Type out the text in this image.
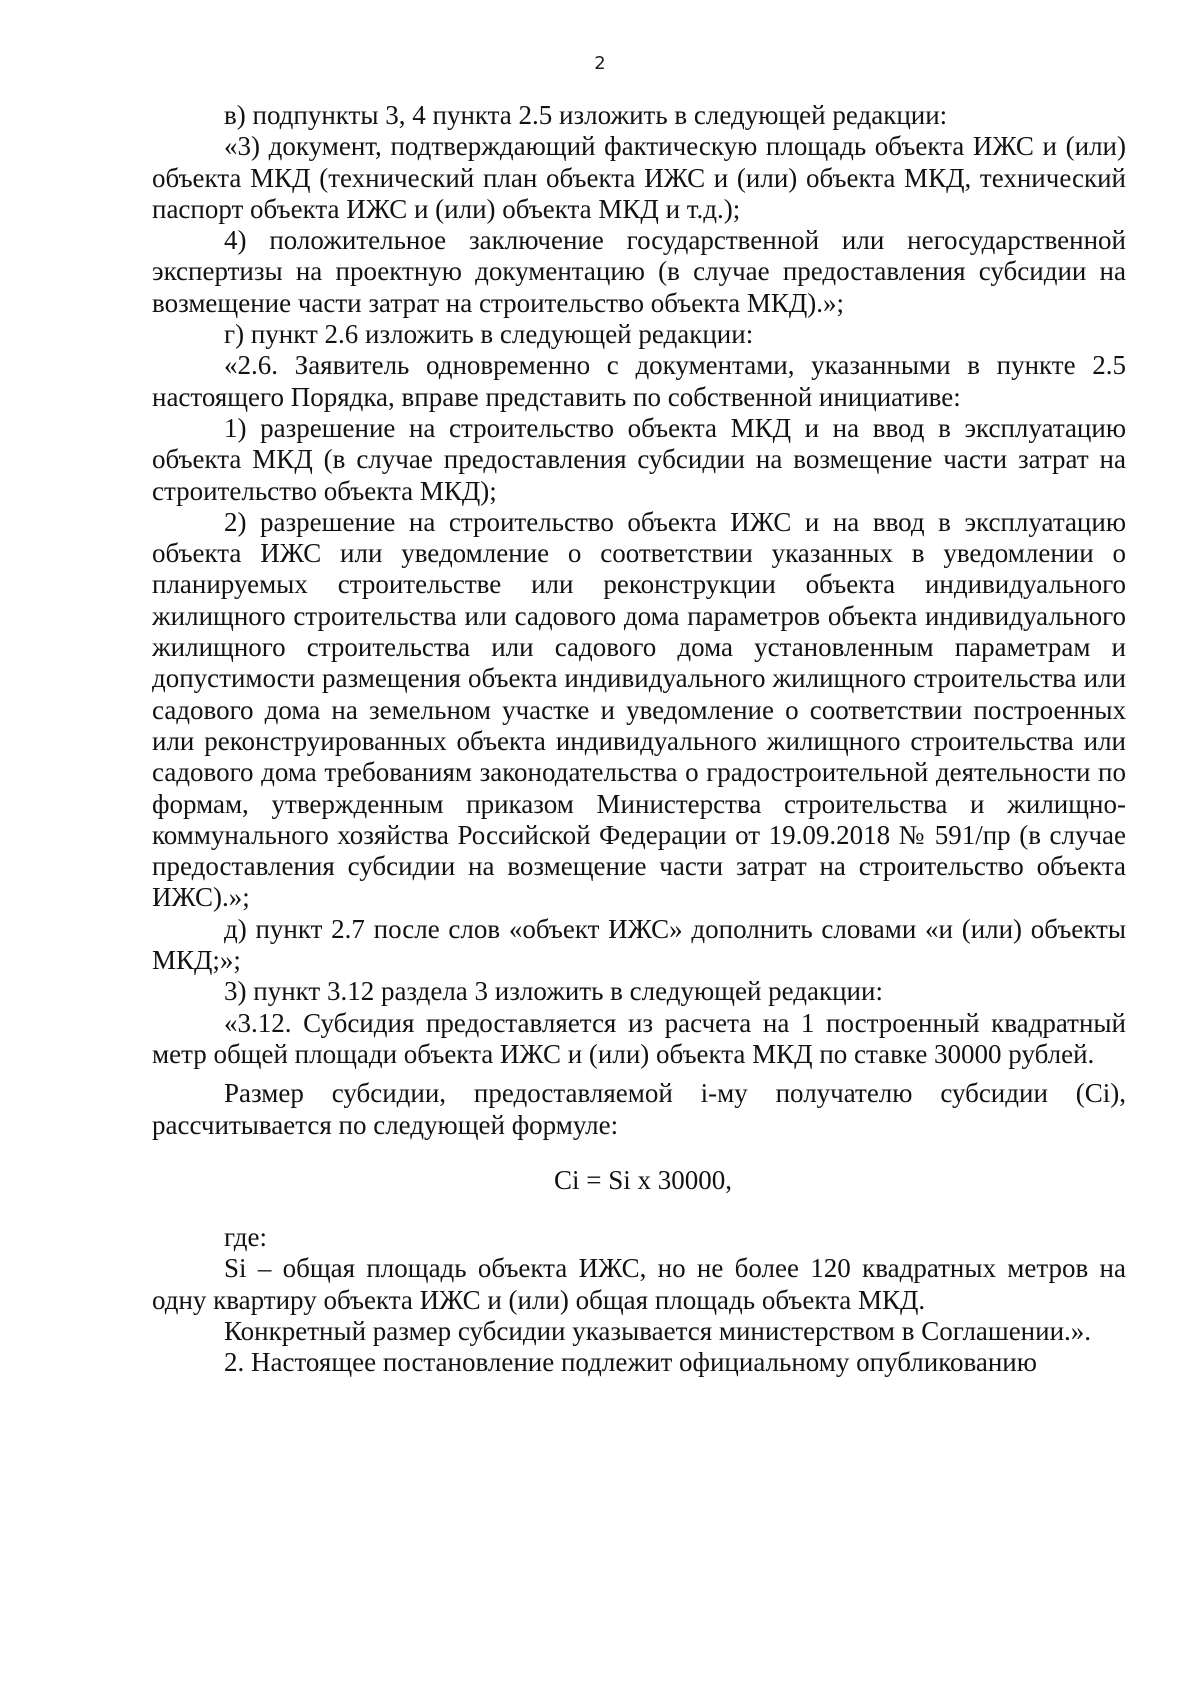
2

в) подпункты 3, 4 пункта 2.5 изложить в следующей редакции:

«3) документ, подтверждающий фактическую площадь объекта ИЖС и (или) объекта МКД (технический план объекта ИЖС и (или) объекта МКД, технический паспорт объекта ИЖС и (или) объекта МКД и т.д.);

4) положительное заключение государственной или негосударственной экспертизы на проектную документацию (в случае предоставления субсидии на возмещение части затрат на строительство объекта МКД).»;

г) пункт 2.6 изложить в следующей редакции:

«2.6. Заявитель одновременно с документами, указанными в пункте 2.5 настоящего Порядка, вправе представить по собственной инициативе:

1) разрешение на строительство объекта МКД и на ввод в эксплуатацию объекта МКД (в случае предоставления субсидии на возмещение части затрат на строительство объекта МКД);

2) разрешение на строительство объекта ИЖС и на ввод в эксплуатацию объекта ИЖС или уведомление о соответствии указанных в уведомлении о планируемых строительстве или реконструкции объекта индивидуального жилищного строительства или садового дома параметров объекта индивидуального жилищного строительства или садового дома установленным параметрам и допустимости размещения объекта индивидуального жилищного строительства или садового дома на земельном участке и уведомление о соответствии построенных или реконструированных объекта индивидуального жилищного строительства или садового дома требованиям законодательства о градостроительной деятельности по формам, утвержденным приказом Министерства строительства и жилищно-коммунального хозяйства Российской Федерации от 19.09.2018 № 591/пр (в случае предоставления субсидии на возмещение части затрат на строительство объекта ИЖС).»;

д) пункт 2.7 после слов «объект ИЖС» дополнить словами «и (или) объекты МКД;»;

3) пункт 3.12 раздела 3 изложить в следующей редакции:

«3.12. Субсидия предоставляется из расчета на 1 построенный квадратный метр общей площади объекта ИЖС и (или) объекта МКД по ставке 30000 рублей.

Размер субсидии, предоставляемой i-му получателю субсидии (Ci), рассчитывается по следующей формуле:

Ci = Si x 30000,

где:

Si – общая площадь объекта ИЖС, но не более 120 квадратных метров на одну квартиру объекта ИЖС и (или) общая площадь объекта МКД.

Конкретный размер субсидии указывается министерством в Соглашении.».

2. Настоящее постановление подлежит официальному опубликованию
